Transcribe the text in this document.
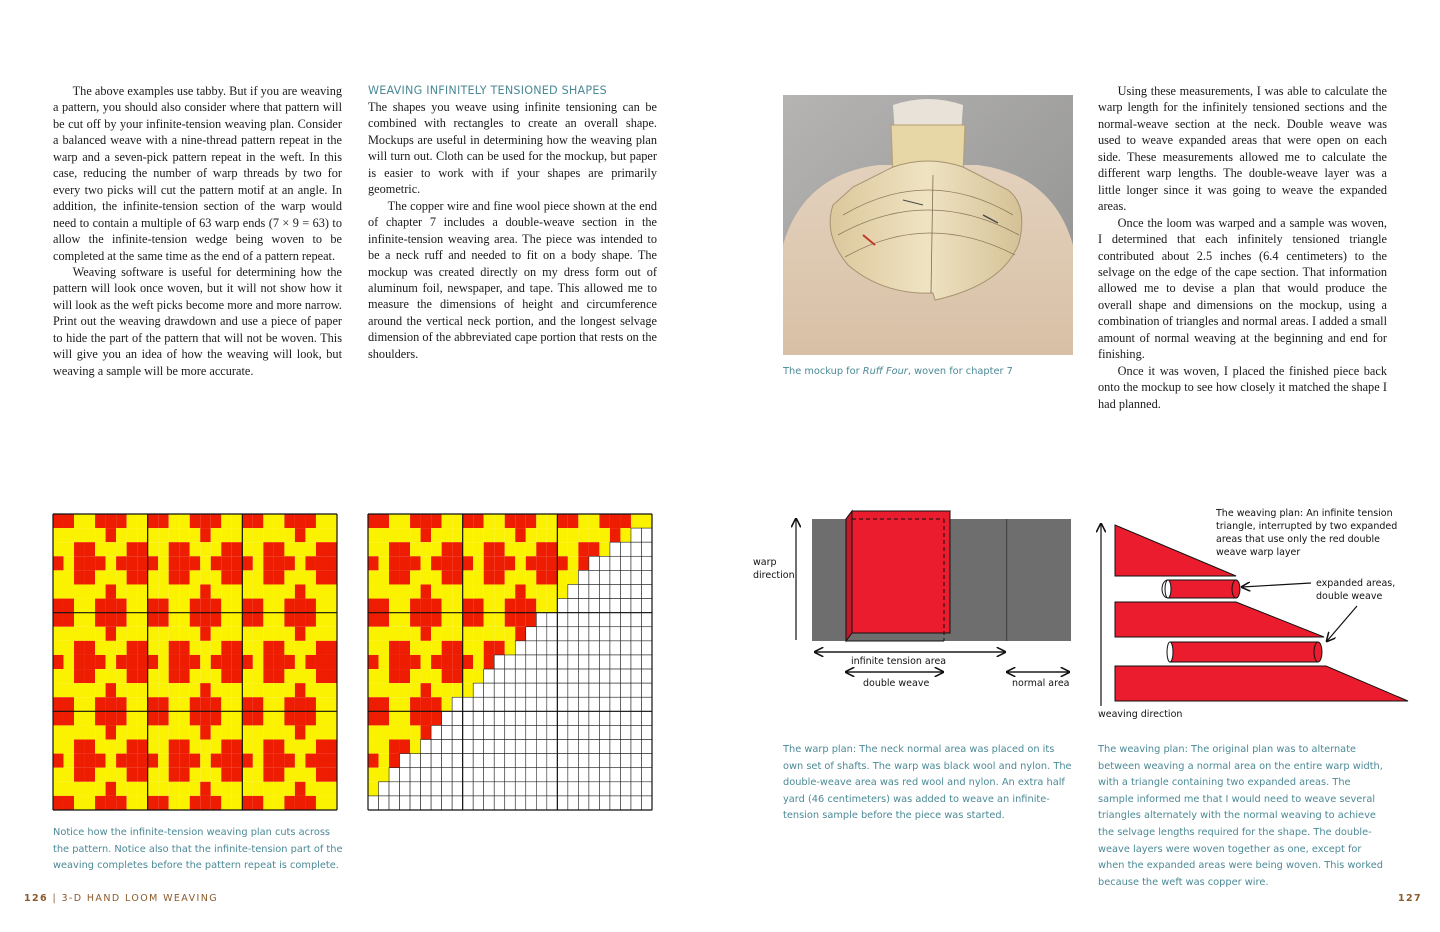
The above examples use tabby. But if you are weaving a pattern, you should also consider where that pattern will be cut off by your infinite-tension weaving plan. Consider a balanced weave with a nine-thread pattern repeat in the warp and a seven-pick pattern repeat in the weft. In this case, reducing the number of warp threads by two for every two picks will cut the pattern motif at an angle. In addition, the infinite-tension section of the warp would need to contain a multiple of 63 warp ends (7 × 9 = 63) to allow the infinite-tension wedge being woven to be completed at the same time as the end of a pattern repeat.

Weaving software is useful for determining how the pattern will look once woven, but it will not show how it will look as the weft picks become more and more narrow. Print out the weaving drawdown and use a piece of paper to hide the part of the pattern that will not be woven. This will give you an idea of how the weaving will look, but weaving a sample will be more accurate.

WEAVING INFINITELY TENSIONED SHAPES

The shapes you weave using infinite tensioning can be combined with rectangles to create an overall shape. Mockups are useful in determining how the weaving plan will turn out. Cloth can be used for the mockup, but paper is easier to work with if your shapes are primarily geometric.

The copper wire and fine wool piece shown at the end of chapter 7 includes a double-weave section in the infinite-tension weaving area. The piece was intended to be a neck ruff and needed to fit on a body shape. The mockup was created directly on my dress form out of aluminum foil, newspaper, and tape. This allowed me to measure the dimensions of height and circumference around the vertical neck portion, and the longest selvage dimension of the abbreviated cape portion that rests on the shoulders.

Notice how the infinite-tension weaving plan cuts across the pattern. Notice also that the infinite-tension part of the weaving completes before the pattern repeat is complete.
126 | 3-D HAND LOOM WEAVING
The mockup for Ruff Four, woven for chapter 7

Using these measurements, I was able to calculate the warp length for the infinitely tensioned sections and the normal-weave section at the neck. Double weave was used to weave expanded areas that were open on each side. These measurements allowed me to calculate the different warp lengths. The double-weave layer was a little longer since it was going to weave the expanded areas.

Once the loom was warped and a sample was woven, I determined that each infinitely tensioned triangle contributed about 2.5 inches (6.4 centimeters) to the selvage on the edge of the cape section. That information allowed me to devise a plan that would produce the overall shape and dimensions on the mockup, using a combination of triangles and normal areas. I added a small amount of normal weaving at the beginning and end for finishing.

Once it was woven, I placed the finished piece back onto the mockup to see how closely it matched the shape I had planned.

warp
direction
infinite tension area
double weave	normal area
The warp plan: The neck normal area was placed on its own set of shafts. The warp was black wool and nylon. The double-weave area was red wool and nylon. An extra half yard (46 centimeters) was added to weave an infinite-tension sample before the piece was started.
The weaving plan: An infinite tension
triangle, interrupted by two expanded
areas that use only the red double
weave warp layer
expanded areas,
double weave
weaving direction
The weaving plan: The original plan was to alternate between weaving a normal area on the entire warp width, with a triangle containing two expanded areas. The sample informed me that I would need to weave several triangles alternately with the normal weaving to achieve the selvage lengths required for the shape. The double-weave layers were woven together as one, except for when the expanded areas were being woven. This worked because the weft was copper wire.
127
